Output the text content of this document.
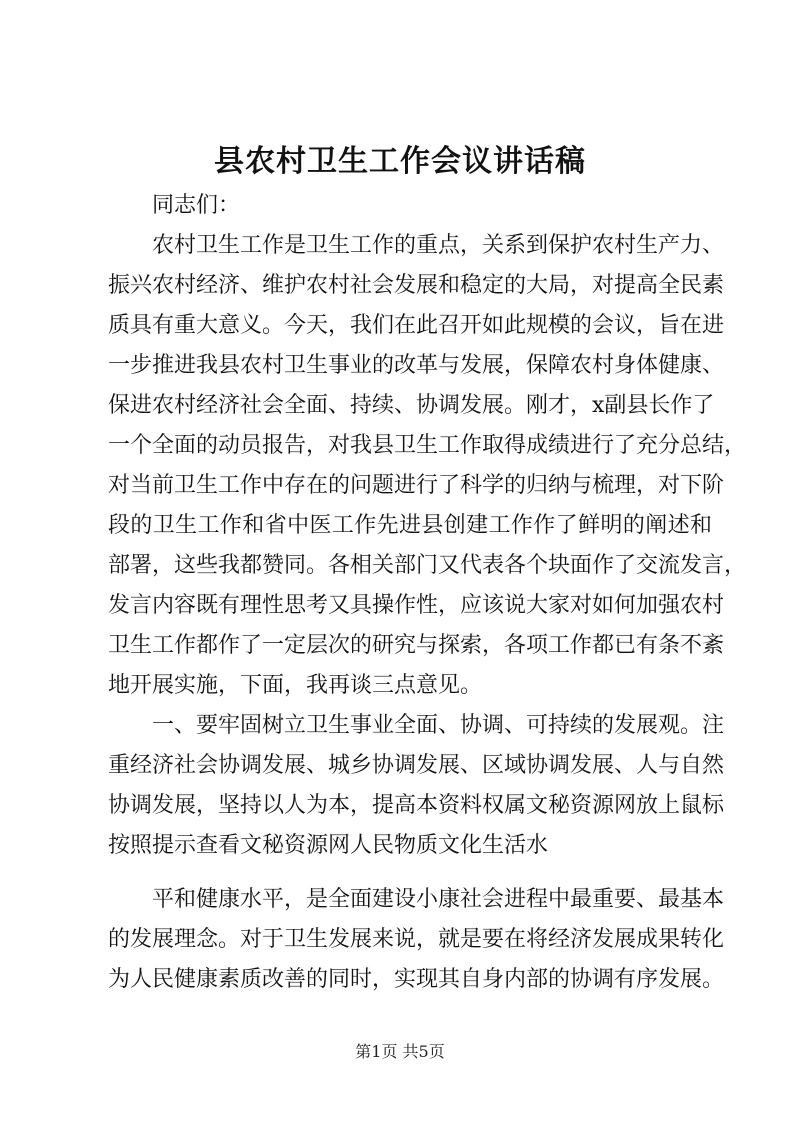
县农村卫生工作会议讲话稿
同志们：
农村卫生工作是卫生工作的重点，关系到保护农村生产力、
振兴农村经济、维护农村社会发展和稳定的大局，对提高全民素
质具有重大意义。今天，我们在此召开如此规模的会议，旨在进
一步推进我县农村卫生事业的改革与发展，保障农村身体健康、
保进农村经济社会全面、持续、协调发展。刚才，x副县长作了
一个全面的动员报告，对我县卫生工作取得成绩进行了充分总结，
对当前卫生工作中存在的问题进行了科学的归纳与梳理，对下阶
段的卫生工作和省中医工作先进县创建工作作了鲜明的阐述和
部署，这些我都赞同。各相关部门又代表各个块面作了交流发言，
发言内容既有理性思考又具操作性，应该说大家对如何加强农村
卫生工作都作了一定层次的研究与探索，各项工作都已有条不紊
地开展实施，下面，我再谈三点意见。
一、要牢固树立卫生事业全面、协调、可持续的发展观。注
重经济社会协调发展、城乡协调发展、区域协调发展、人与自然
协调发展，坚持以人为本，提高本资料权属文秘资源网放上鼠标
按照提示查看文秘资源网人民物质文化生活水
平和健康水平，是全面建设小康社会进程中最重要、最基本
的发展理念。对于卫生发展来说，就是要在将经济发展成果转化
为人民健康素质改善的同时，实现其自身内部的协调有序发展。
第1页 共5页
